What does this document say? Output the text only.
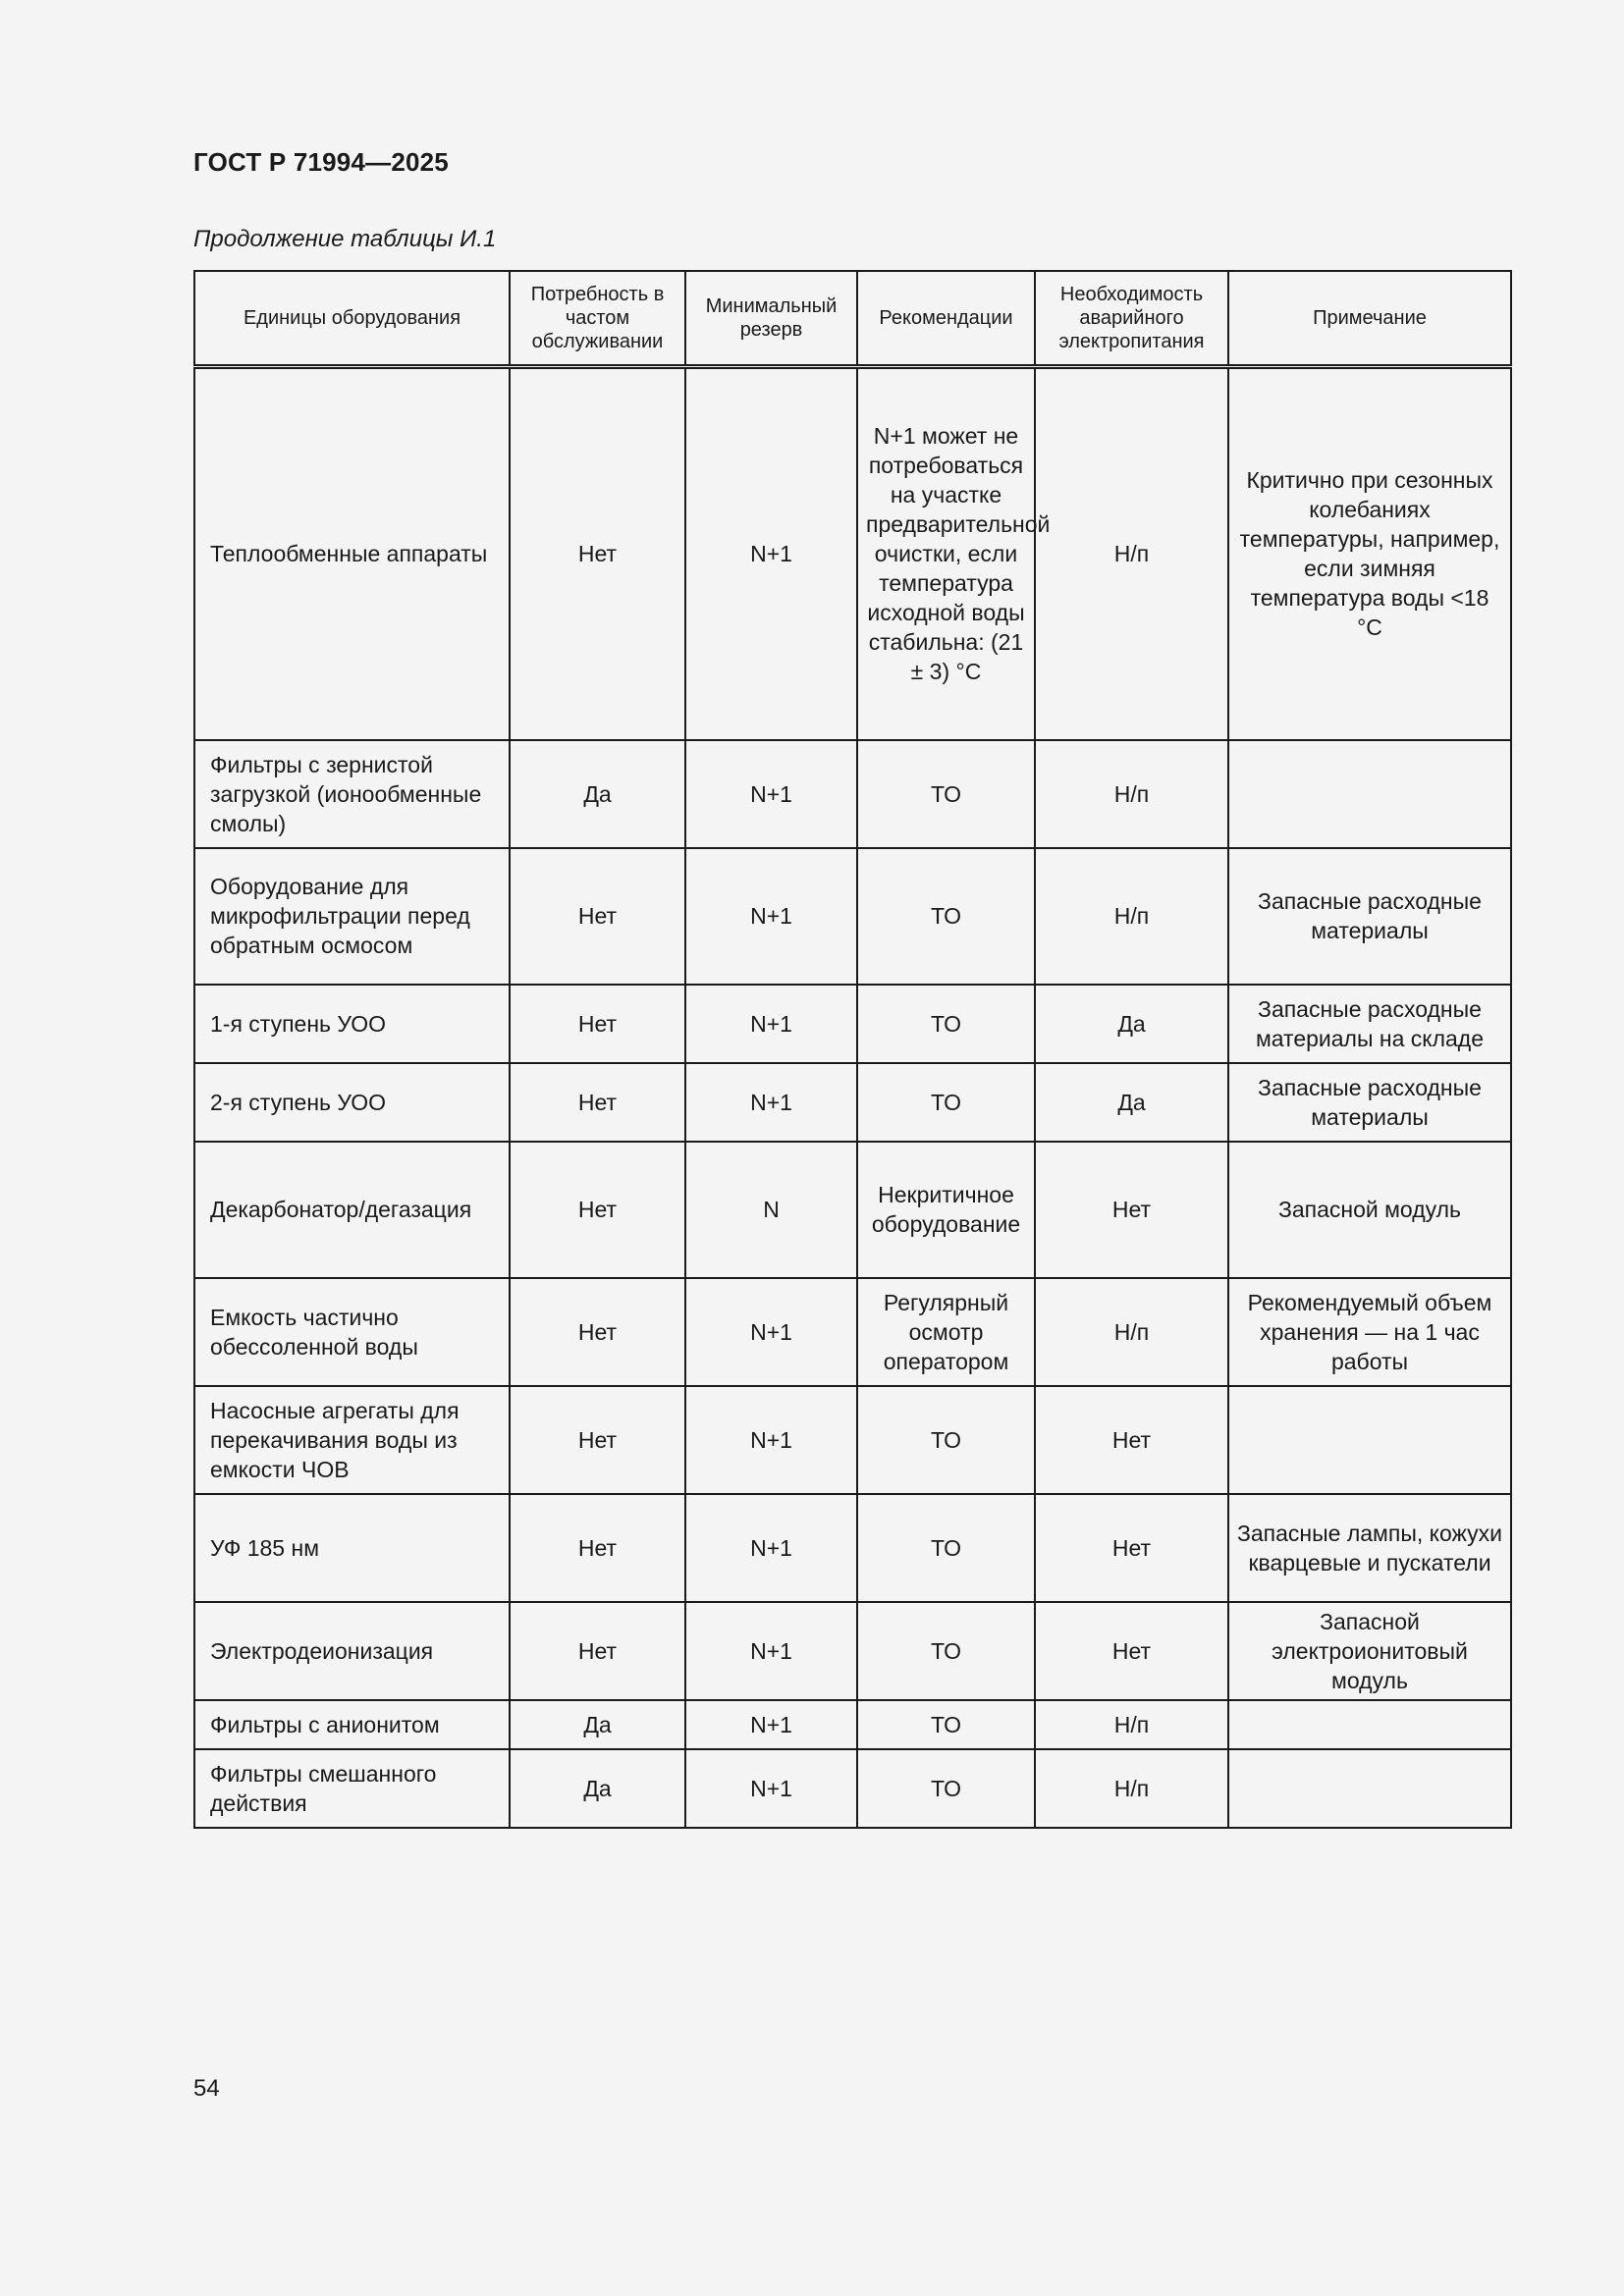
ГОСТ Р 71994—2025
Продолжение таблицы И.1
Единицы оборудования	Потребность в частом обслуживании	Минимальный резерв	Рекомендации	Необходимость аварийного электропитания	Примечание
Теплообменные аппараты	Нет	N+1	N+1 может не потребоваться на участке предварительной очистки, если температура исходной воды стабильна: (21 ± 3) °С	Н/п	Критично при сезонных колебаниях температуры, например, если зимняя температура воды <18 °С
Фильтры с зернистой загрузкой (ионообменные смолы)	Да	N+1	ТО	Н/п	
Оборудование для микрофильтрации перед обратным осмосом	Нет	N+1	ТО	Н/п	Запасные расходные материалы
1-я ступень УОО	Нет	N+1	ТО	Да	Запасные расходные материалы на складе
2-я ступень УОО	Нет	N+1	ТО	Да	Запасные расходные материалы
Декарбонатор/дегазация	Нет	N	Некритичное оборудование	Нет	Запасной модуль
Емкость частично обессоленной воды	Нет	N+1	Регулярный осмотр оператором	Н/п	Рекомендуемый объем хранения — на 1 час работы
Насосные агрегаты для перекачивания воды из емкости ЧОВ	Нет	N+1	ТО	Нет	
УФ 185 нм	Нет	N+1	ТО	Нет	Запасные лампы, кожухи кварцевые и пускатели
Электродеионизация	Нет	N+1	ТО	Нет	Запасной электроионитовый модуль
Фильтры с анионитом	Да	N+1	ТО	Н/п	
Фильтры смешанного действия	Да	N+1	ТО	Н/п	
54
